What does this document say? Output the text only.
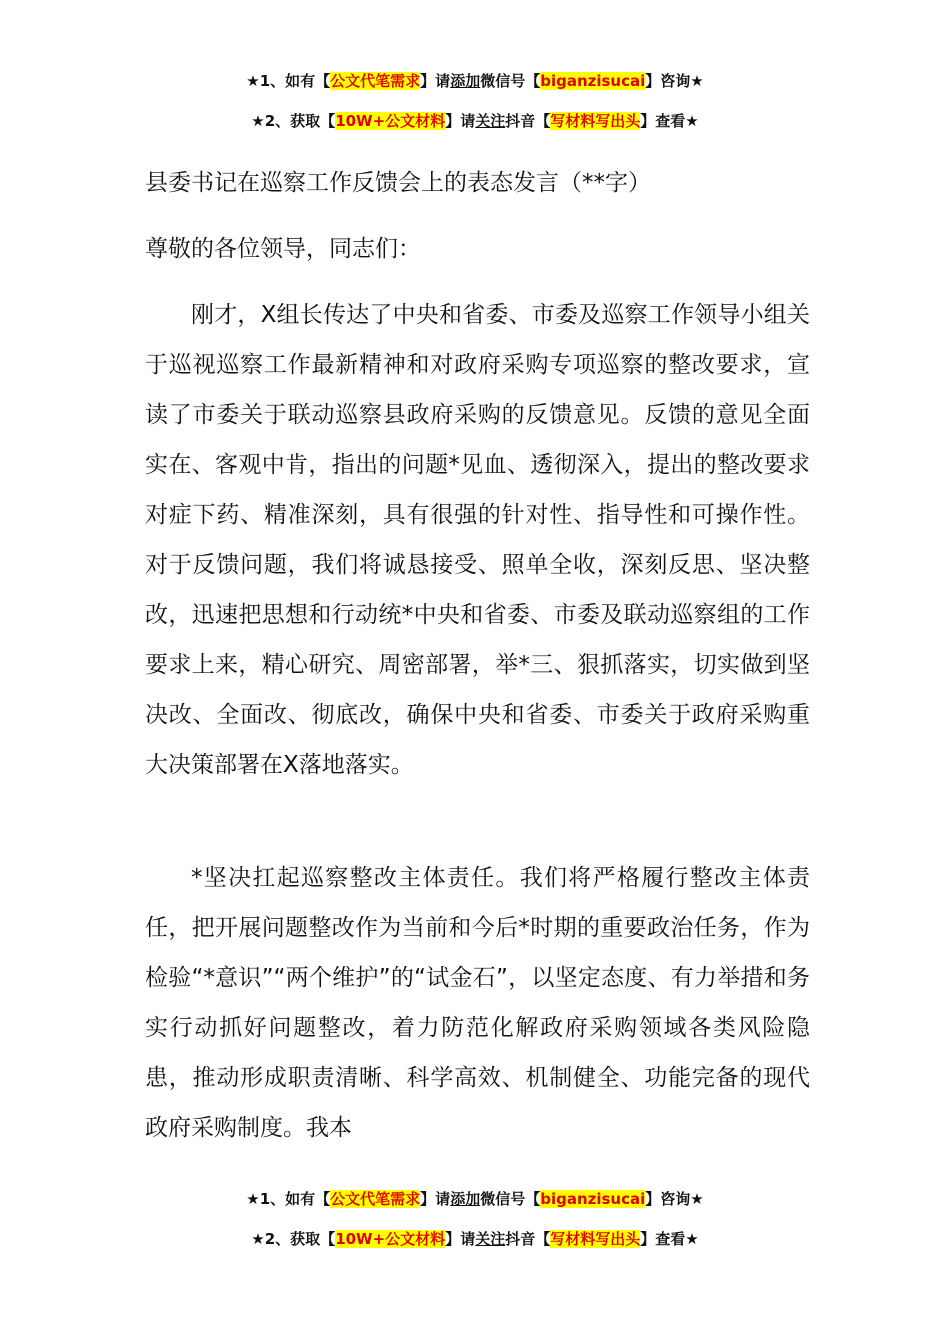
★1、如有【公文代笔需求】请添加微信号【biganzisucai】咨询★
★2、获取【10W+公文材料】请关注抖音【写材料写出头】查看★
县委书记在巡察工作反馈会上的表态发言（**字）
尊敬的各位领导，同志们：

刚才，X组长传达了中央和省委、市委及巡察工作领导小组关于巡视巡察工作最新精神和对政府采购专项巡察的整改要求，宣读了市委关于联动巡察县政府采购的反馈意见。反馈的意见全面实在、客观中肯，指出的问题*见血、透彻深入，提出的整改要求对症下药、精准深刻，具有很强的针对性、指导性和可操作性。对于反馈问题，我们将诚恳接受、照单全收，深刻反思、坚决整改，迅速把思想和行动统*中央和省委、市委及联动巡察组的工作要求上来，精心研究、周密部署，举*三、狠抓落实，切实做到坚决改、全面改、彻底改，确保中央和省委、市委关于政府采购重大决策部署在X落地落实。

*坚决扛起巡察整改主体责任。我们将严格履行整改主体责任，把开展问题整改作为当前和今后*时期的重要政治任务，作为检验“*意识”“两个维护”的“试金石”，以坚定态度、有力举措和务实行动抓好问题整改，着力防范化解政府采购领域各类风险隐患，推动形成职责清晰、科学高效、机制健全、功能完备的现代政府采购制度。我本

★1、如有【公文代笔需求】请添加微信号【biganzisucai】咨询★
★2、获取【10W+公文材料】请关注抖音【写材料写出头】查看★
